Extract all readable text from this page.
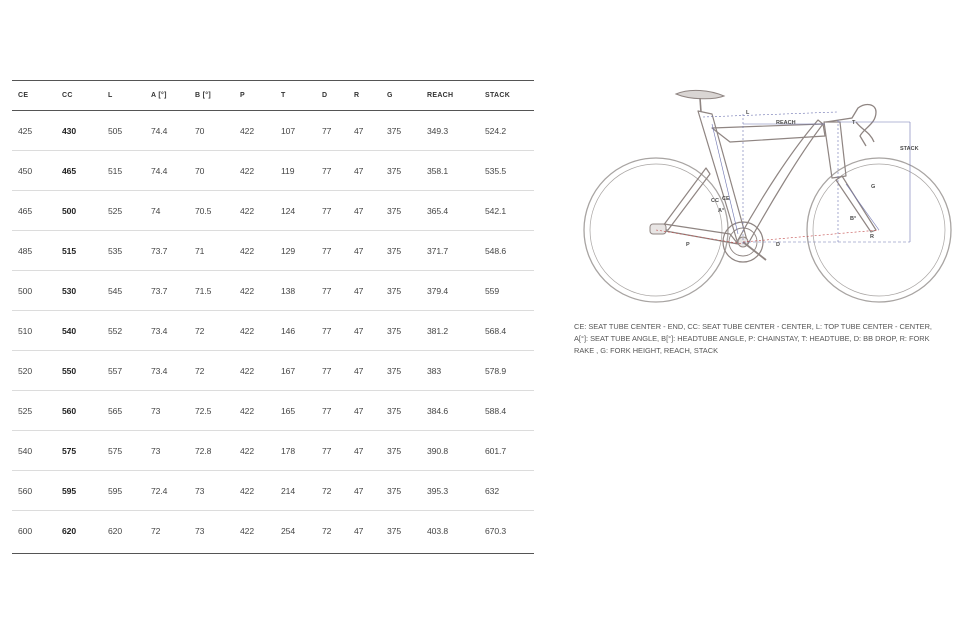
CE	CC	L	A [°]	B [°]	P	T	D	R	G	REACH	STACK
425	430	505	74.4	70	422	107	77	47	375	349.3	524.2
450	465	515	74.4	70	422	119	77	47	375	358.1	535.5
465	500	525	74	70.5	422	124	77	47	375	365.4	542.1
485	515	535	73.7	71	422	129	77	47	375	371.7	548.6
500	530	545	73.7	71.5	422	138	77	47	375	379.4	559
510	540	552	73.4	72	422	146	77	47	375	381.2	568.4
520	550	557	73.4	72	422	167	77	47	375	383	578.9
525	560	565	73	72.5	422	165	77	47	375	384.6	588.4
540	575	575	73	72.8	422	178	77	47	375	390.8	601.7
560	595	595	72.4	73	422	214	72	47	375	395.3	632
600	620	620	72	73	422	254	72	47	375	403.8	670.3
L
REACH
STACK
CC CE
A°
B°
G
T
P	D
R
CE: SEAT TUBE CENTER - END, CC: SEAT TUBE CENTER - CENTER, L: TOP TUBE CENTER - CENTER, A[°]: SEAT TUBE ANGLE, B[°]: HEADTUBE ANGLE, P: CHAINSTAY, T: HEADTUBE, D: BB DROP, R: FORK RAKE , G: FORK HEIGHT, REACH, STACK
